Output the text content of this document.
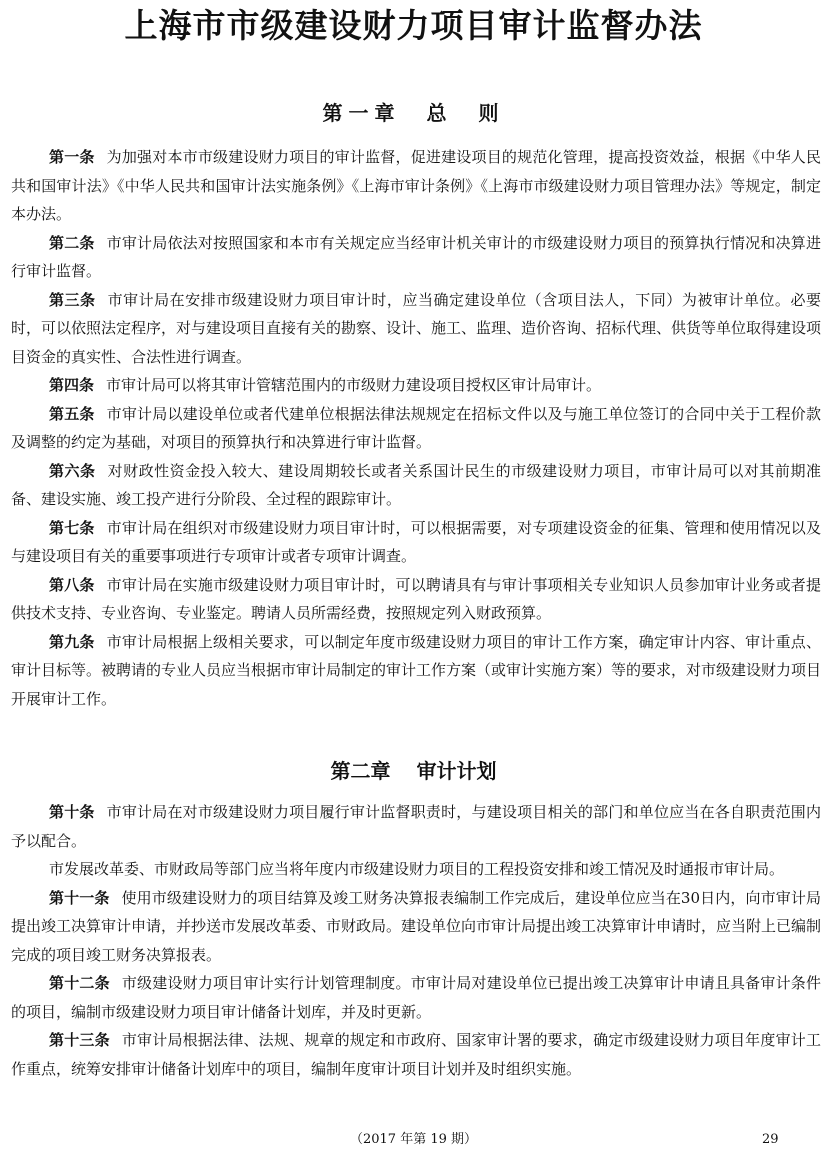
上海市市级建设财力项目审计监督办法
第一章 总　则

第一条 为加强对本市市级建设财力项目的审计监督，促进建设项目的规范化管理，提高投资效益，根据《中华人民共和国审计法》《中华人民共和国审计法实施条例》《上海市审计条例》《上海市市级建设财力项目管理办法》等规定，制定本办法。

第二条 市审计局依法对按照国家和本市有关规定应当经审计机关审计的市级建设财力项目的预算执行情况和决算进行审计监督。

第三条 市审计局在安排市级建设财力项目审计时，应当确定建设单位（含项目法人，下同）为被审计单位。必要时，可以依照法定程序，对与建设项目直接有关的勘察、设计、施工、监理、造价咨询、招标代理、供货等单位取得建设项目资金的真实性、合法性进行调查。

第四条 市审计局可以将其审计管辖范围内的市级财力建设项目授权区审计局审计。

第五条 市审计局以建设单位或者代建单位根据法律法规规定在招标文件以及与施工单位签订的合同中关于工程价款及调整的约定为基础，对项目的预算执行和决算进行审计监督。

第六条 对财政性资金投入较大、建设周期较长或者关系国计民生的市级建设财力项目，市审计局可以对其前期准备、建设实施、竣工投产进行分阶段、全过程的跟踪审计。

第七条 市审计局在组织对市级建设财力项目审计时，可以根据需要，对专项建设资金的征集、管理和使用情况以及与建设项目有关的重要事项进行专项审计或者专项审计调查。

第八条 市审计局在实施市级建设财力项目审计时，可以聘请具有与审计事项相关专业知识人员参加审计业务或者提供技术支持、专业咨询、专业鉴定。聘请人员所需经费，按照规定列入财政预算。

第九条 市审计局根据上级相关要求，可以制定年度市级建设财力项目的审计工作方案，确定审计内容、审计重点、审计目标等。被聘请的专业人员应当根据市审计局制定的审计工作方案（或审计实施方案）等的要求，对市级建设财力项目开展审计工作。

第二章 审计计划

第十条 市审计局在对市级建设财力项目履行审计监督职责时，与建设项目相关的部门和单位应当在各自职责范围内予以配合。

市发展改革委、市财政局等部门应当将年度内市级建设财力项目的工程投资安排和竣工情况及时通报市审计局。

第十一条 使用市级建设财力的项目结算及竣工财务决算报表编制工作完成后，建设单位应当在30日内，向市审计局提出竣工决算审计申请，并抄送市发展改革委、市财政局。建设单位向市审计局提出竣工决算审计申请时，应当附上已编制完成的项目竣工财务决算报表。

第十二条 市级建设财力项目审计实行计划管理制度。市审计局对建设单位已提出竣工决算审计申请且具备审计条件的项目，编制市级建设财力项目审计储备计划库，并及时更新。

第十三条 市审计局根据法律、法规、规章的规定和市政府、国家审计署的要求，确定市级建设财力项目年度审计工作重点，统筹安排审计储备计划库中的项目，编制年度审计项目计划并及时组织实施。

（2017 年第 19 期）	29
